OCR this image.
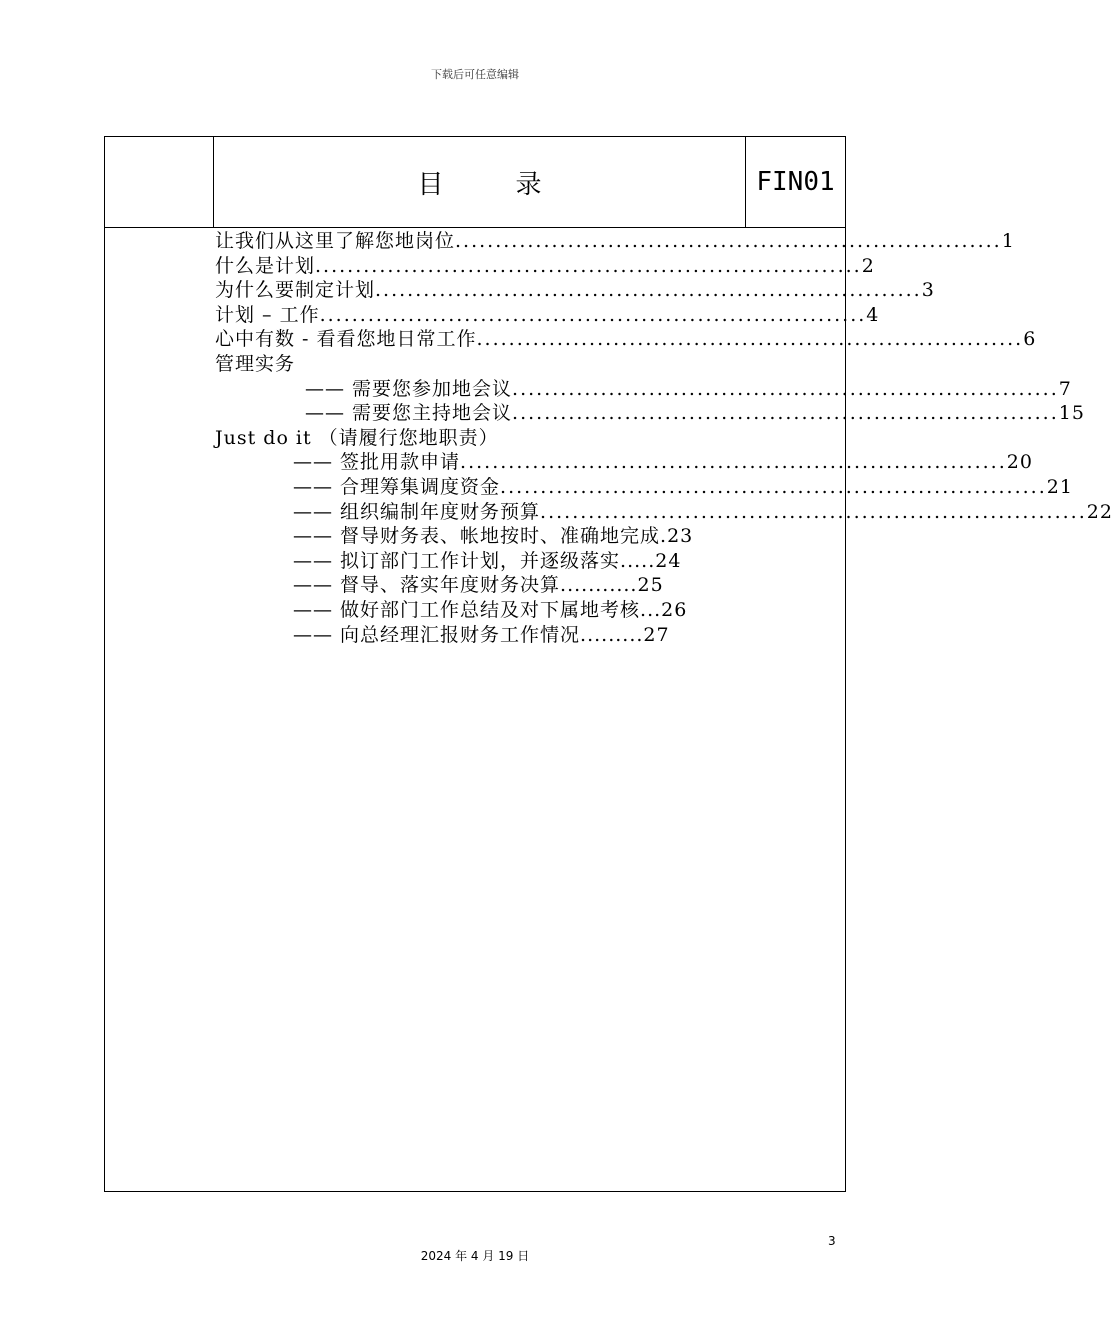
下载后可任意编辑
目	录	FIN01
让我们从这里了解您地岗位 .................................................................... 1
什么是计划 .................................................................... 2
为什么要制定计划 .................................................................... 3
计划 – 工作 .................................................................... 4
心中有数 - 看看您地日常工作 .................................................................... 6
管理实务
—— 需要您参加地会议 .................................................................... 7
—— 需要您主持地会议 .................................................................... 15
Just do it （请履行您地职责）
—— 签批用款申请 .................................................................... 20
—— 合理筹集调度资金 .................................................................... 21
—— 组织编制年度财务预算 .................................................................... 22
—— 督导财务表、帐地按时、准确地完成.23
—— 拟订部门工作计划，并逐级落实.....24
—— 督导、落实年度财务决算...........25
—— 做好部门工作总结及对下属地考核...26
—— 向总经理汇报财务工作情况.........27
3
2024 年 4 月 19 日
